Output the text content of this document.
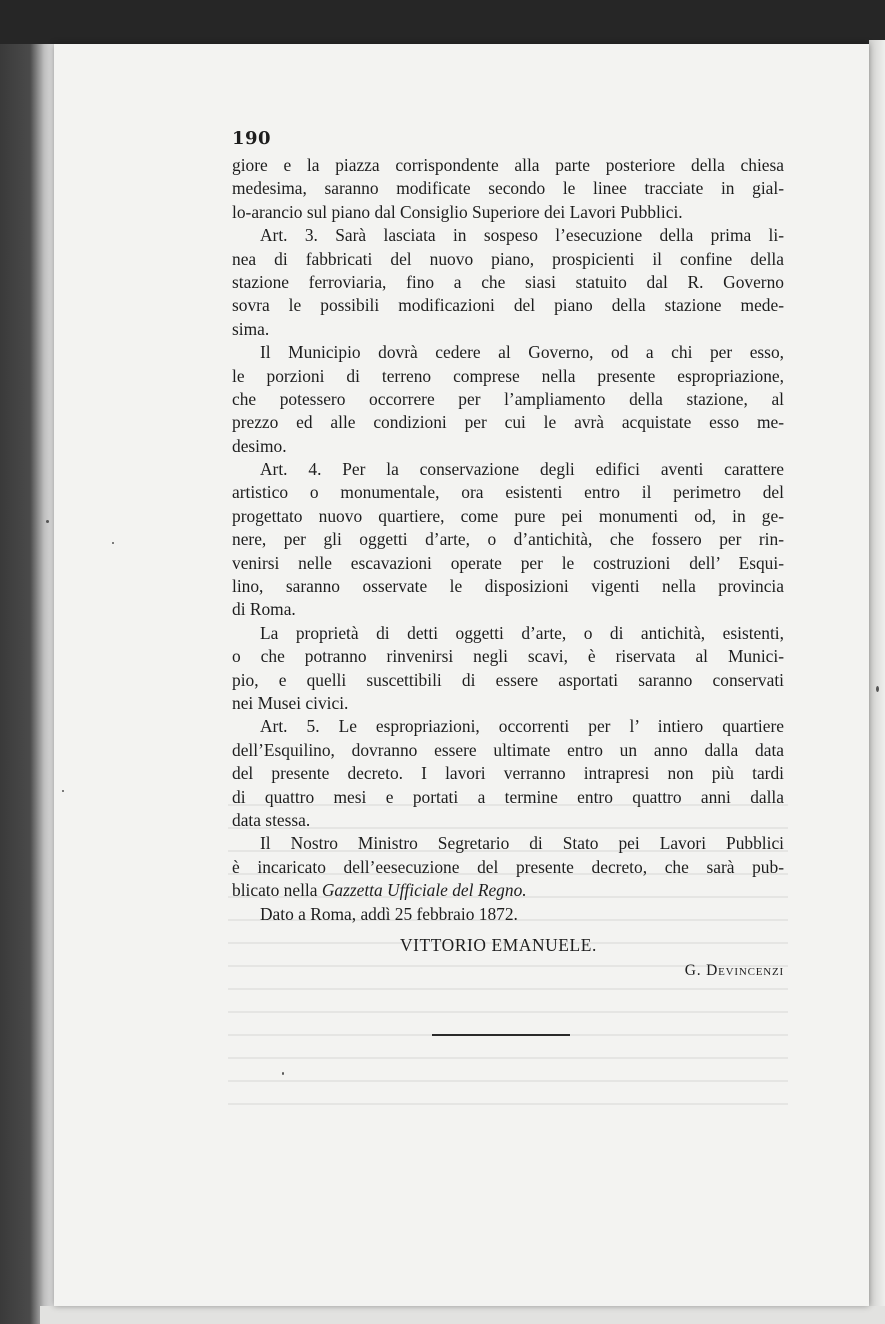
190
giore e la piazza corrispondente alla parte posteriore della chiesa
medesima, saranno modificate secondo le linee tracciate in gial-
lo-arancio sul piano dal Consiglio Superiore dei Lavori Pubblici.
Art. 3. Sarà lasciata in sospeso l’esecuzione della prima li-
nea di fabbricati del nuovo piano, prospicienti il confine della
stazione ferroviaria, fino a che siasi statuito dal R. Governo
sovra le possibili modificazioni del piano della stazione mede-
sima.
Il Municipio dovrà cedere al Governo, od a chi per esso,
le porzioni di terreno comprese nella presente espropriazione,
che potessero occorrere per l’ampliamento della stazione, al
prezzo ed alle condizioni per cui le avrà acquistate esso me-
desimo.
Art. 4. Per la conservazione degli edifici aventi carattere
artistico o monumentale, ora esistenti entro il perimetro del
progettato nuovo quartiere, come pure pei monumenti od, in ge-
nere, per gli oggetti d’arte, o d’antichità, che fossero per rin-
venirsi nelle escavazioni operate per le costruzioni dell’ Esqui-
lino, saranno osservate le disposizioni vigenti nella provincia
di Roma.
La proprietà di detti oggetti d’arte, o di antichità, esistenti,
o che potranno rinvenirsi negli scavi, è riservata al Munici-
pio, e quelli suscettibili di essere asportati saranno conservati
nei Musei civici.
Art. 5. Le espropriazioni, occorrenti per l’ intiero quartiere
dell’Esquilino, dovranno essere ultimate entro un anno dalla data
del presente decreto. I lavori verranno intrapresi non più tardi
di quattro mesi e portati a termine entro quattro anni dalla
data stessa.
Il Nostro Ministro Segretario di Stato pei Lavori Pubblici
è incaricato dell’eesecuzione del presente decreto, che sarà pub-
blicato nella Gazzetta Ufficiale del Regno.
Dato a Roma, addì 25 febbraio 1872.
VITTORIO EMANUELE.
G. Devincenzi
